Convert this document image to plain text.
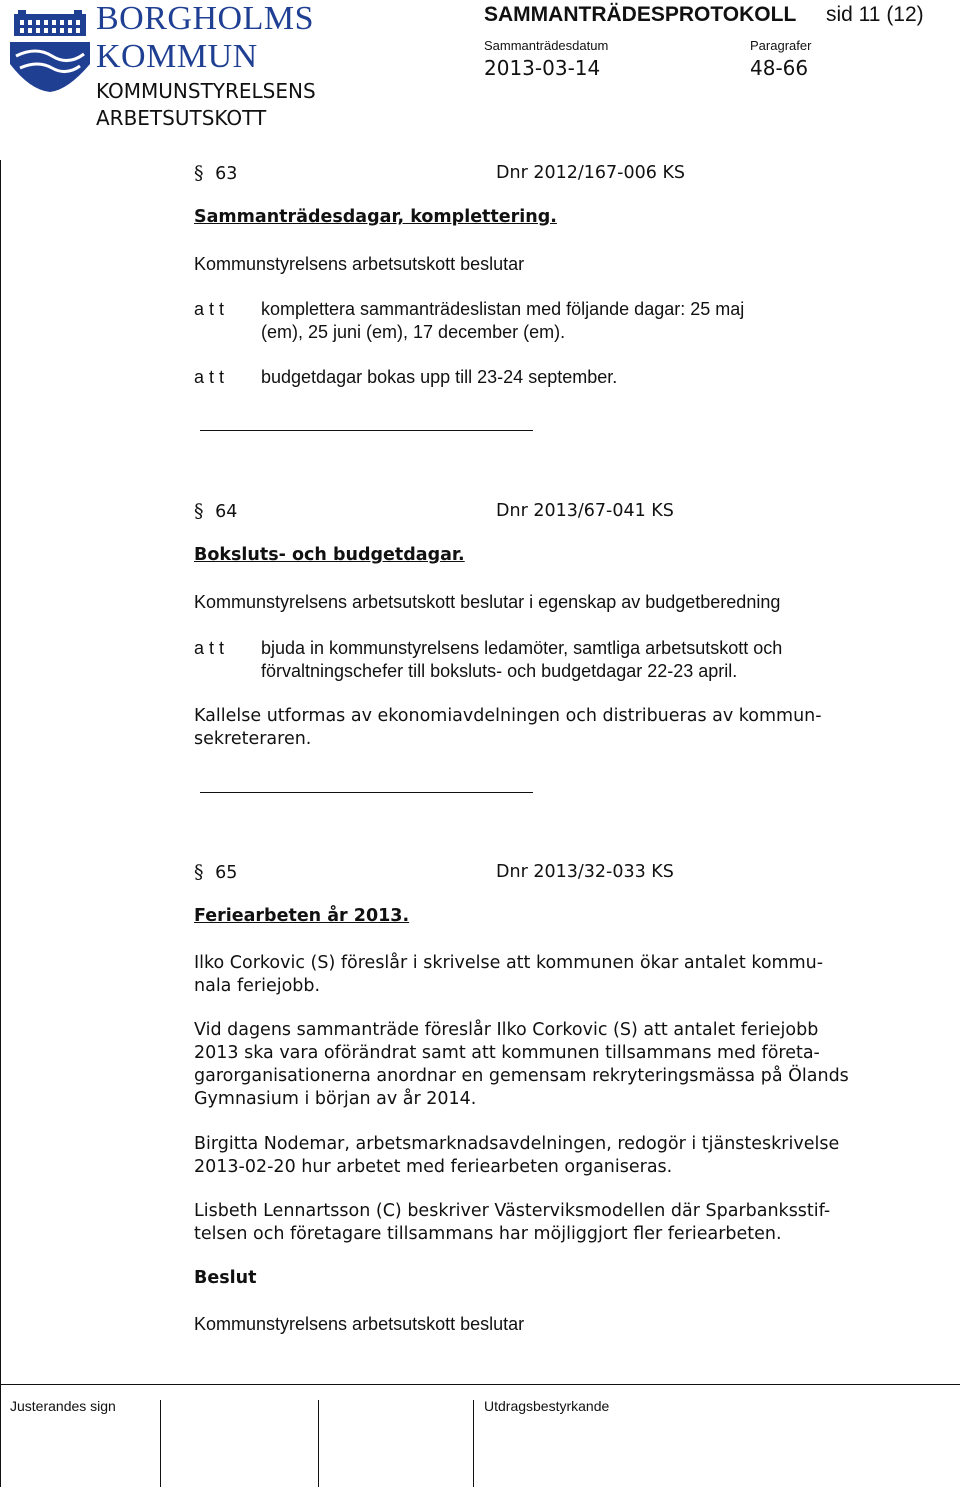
BORGHOLMS
KOMMUN
KOMMUNSTYRELSENS
ARBETSUTSKOTT
SAMMANTRÄDESPROTOKOLL sid 11 (12)
Sammanträdesdatum	Paragrafer
2013-03-14	48-66
§ 63	Dnr 2012/167-006 KS
Sammanträdesdagar, komplettering.
Kommunstyrelsens arbetsutskott beslutar
a t t komplettera sammanträdeslistan med följande dagar: 25 maj
(em), 25 juni (em), 17 december (em).
a t t budgetdagar bokas upp till 23-24 september.
§ 64	Dnr 2013/67-041 KS
Boksluts- och budgetdagar.
Kommunstyrelsens arbetsutskott beslutar i egenskap av budgetberedning
a t t bjuda in kommunstyrelsens ledamöter, samtliga arbetsutskott och
förvaltningschefer till boksluts- och budgetdagar 22-23 april.
Kallelse utformas av ekonomiavdelningen och distribueras av kommun-
sekreteraren.
§ 65	Dnr 2013/32-033 KS
Feriearbeten år 2013.
Ilko Corkovic (S) föreslår i skrivelse att kommunen ökar antalet kommu-
nala feriejobb.
Vid dagens sammanträde föreslår Ilko Corkovic (S) att antalet feriejobb
2013 ska vara oförändrat samt att kommunen tillsammans med företa-
garorganisationerna anordnar en gemensam rekryteringsmässa på Ölands
Gymnasium i början av år 2014.
Birgitta Nodemar, arbetsmarknadsavdelningen, redogör i tjänsteskrivelse
2013-02-20 hur arbetet med feriearbeten organiseras.
Lisbeth Lennartsson (C) beskriver Västerviksmodellen där Sparbanksstif-
telsen och företagare tillsammans har möjliggjort fler feriearbeten.
Beslut
Kommunstyrelsens arbetsutskott beslutar
Justerandes sign	Utdragsbestyrkande
